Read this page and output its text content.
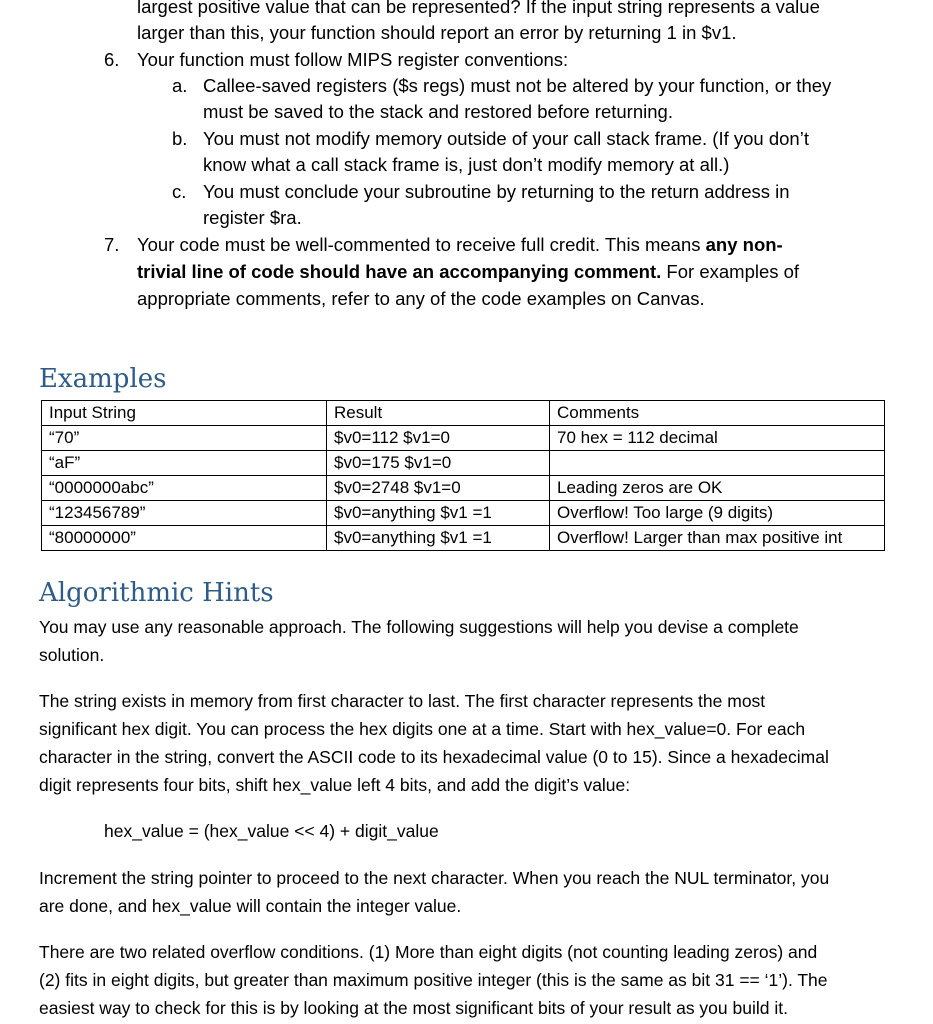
largest positive value that can be represented? If the input string represents a value
larger than this, your function should report an error by returning 1 in $v1.
6. Your function must follow MIPS register conventions:
a. Callee-saved registers ($s regs) must not be altered by your function, or they
must be saved to the stack and restored before returning.
b. You must not modify memory outside of your call stack frame. (If you don’t
know what a call stack frame is, just don’t modify memory at all.)
c. You must conclude your subroutine by returning to the return address in
register $ra.
7. Your code must be well-commented to receive full credit. This means any non-
trivial line of code should have an accompanying comment. For examples of
appropriate comments, refer to any of the code examples on Canvas.
Examples
Input String	Result	Comments
“70”	$v0=112 $v1=0	70 hex = 112 decimal
“aF”	$v0=175 $v1=0	
“0000000abc”	$v0=2748 $v1=0	Leading zeros are OK
“123456789”	$v0=anything $v1 =1	Overflow! Too large (9 digits)
“80000000”	$v0=anything $v1 =1	Overflow! Larger than max positive int
Algorithmic Hints
You may use any reasonable approach. The following suggestions will help you devise a complete
solution.
The string exists in memory from first character to last. The first character represents the most
significant hex digit. You can process the hex digits one at a time. Start with hex_value=0. For each
character in the string, convert the ASCII code to its hexadecimal value (0 to 15). Since a hexadecimal
digit represents four bits, shift hex_value left 4 bits, and add the digit’s value:
hex_value = (hex_value << 4) + digit_value
Increment the string pointer to proceed to the next character. When you reach the NUL terminator, you
are done, and hex_value will contain the integer value.
There are two related overflow conditions. (1) More than eight digits (not counting leading zeros) and
(2) fits in eight digits, but greater than maximum positive integer (this is the same as bit 31 == ‘1’). The
easiest way to check for this is by looking at the most significant bits of your result as you build it.
